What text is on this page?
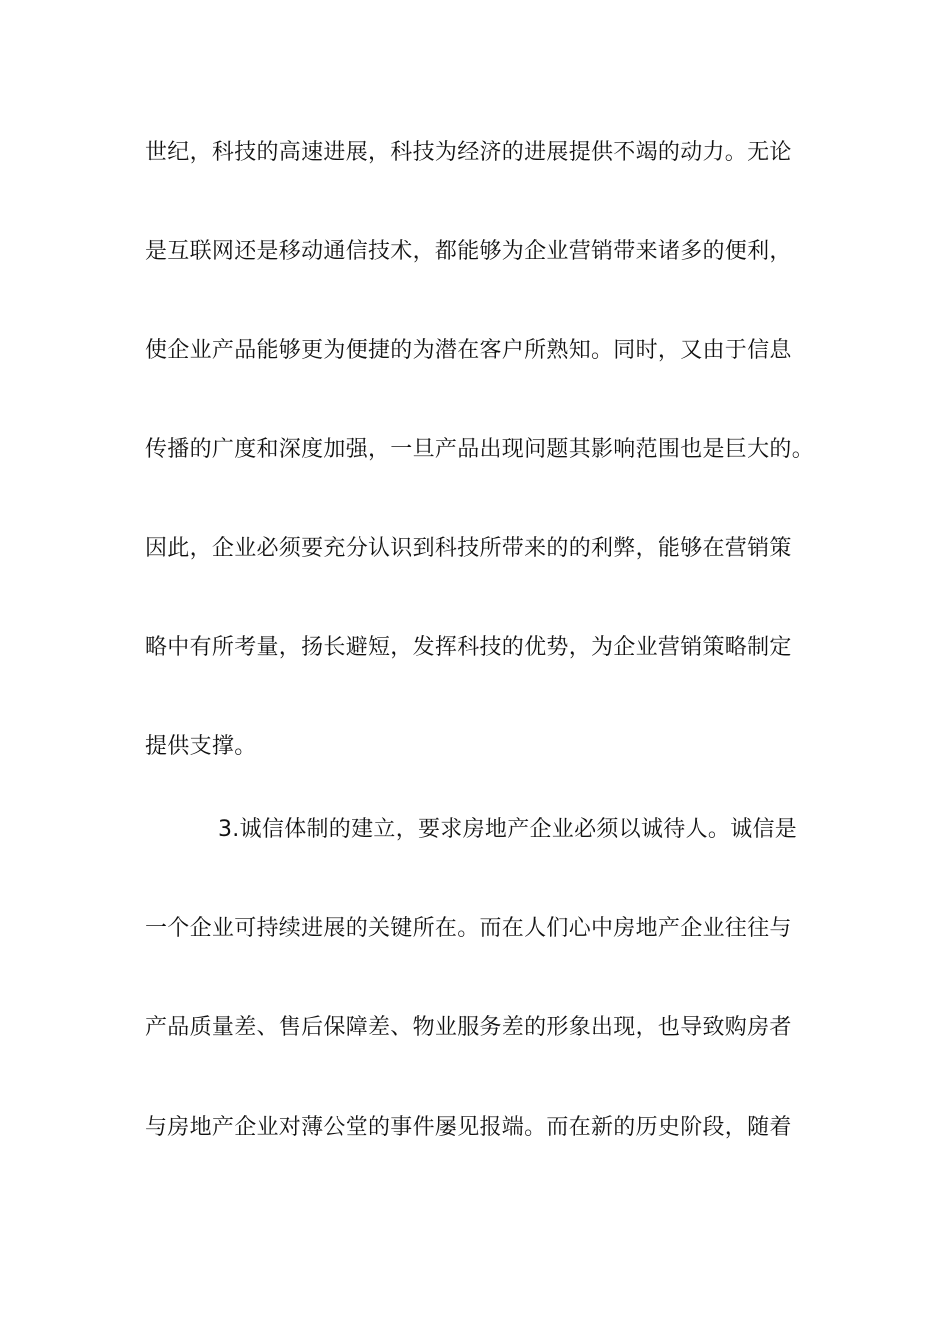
世纪，科技的高速进展，科技为经济的进展提供不竭的动力。无论
是互联网还是移动通信技术，都能够为企业营销带来诸多的便利，
使企业产品能够更为便捷的为潜在客户所熟知。同时，又由于信息
传播的广度和深度加强，一旦产品出现问题其影响范围也是巨大的。
因此，企业必须要充分认识到科技所带来的的利弊，能够在营销策
略中有所考量，扬长避短，发挥科技的优势，为企业营销策略制定
提供支撑。
3.诚信体制的建立，要求房地产企业必须以诚待人。诚信是
一个企业可持续进展的关键所在。而在人们心中房地产企业往往与
产品质量差、售后保障差、物业服务差的形象出现，也导致购房者
与房地产企业对薄公堂的事件屡见报端。而在新的历史阶段，随着
